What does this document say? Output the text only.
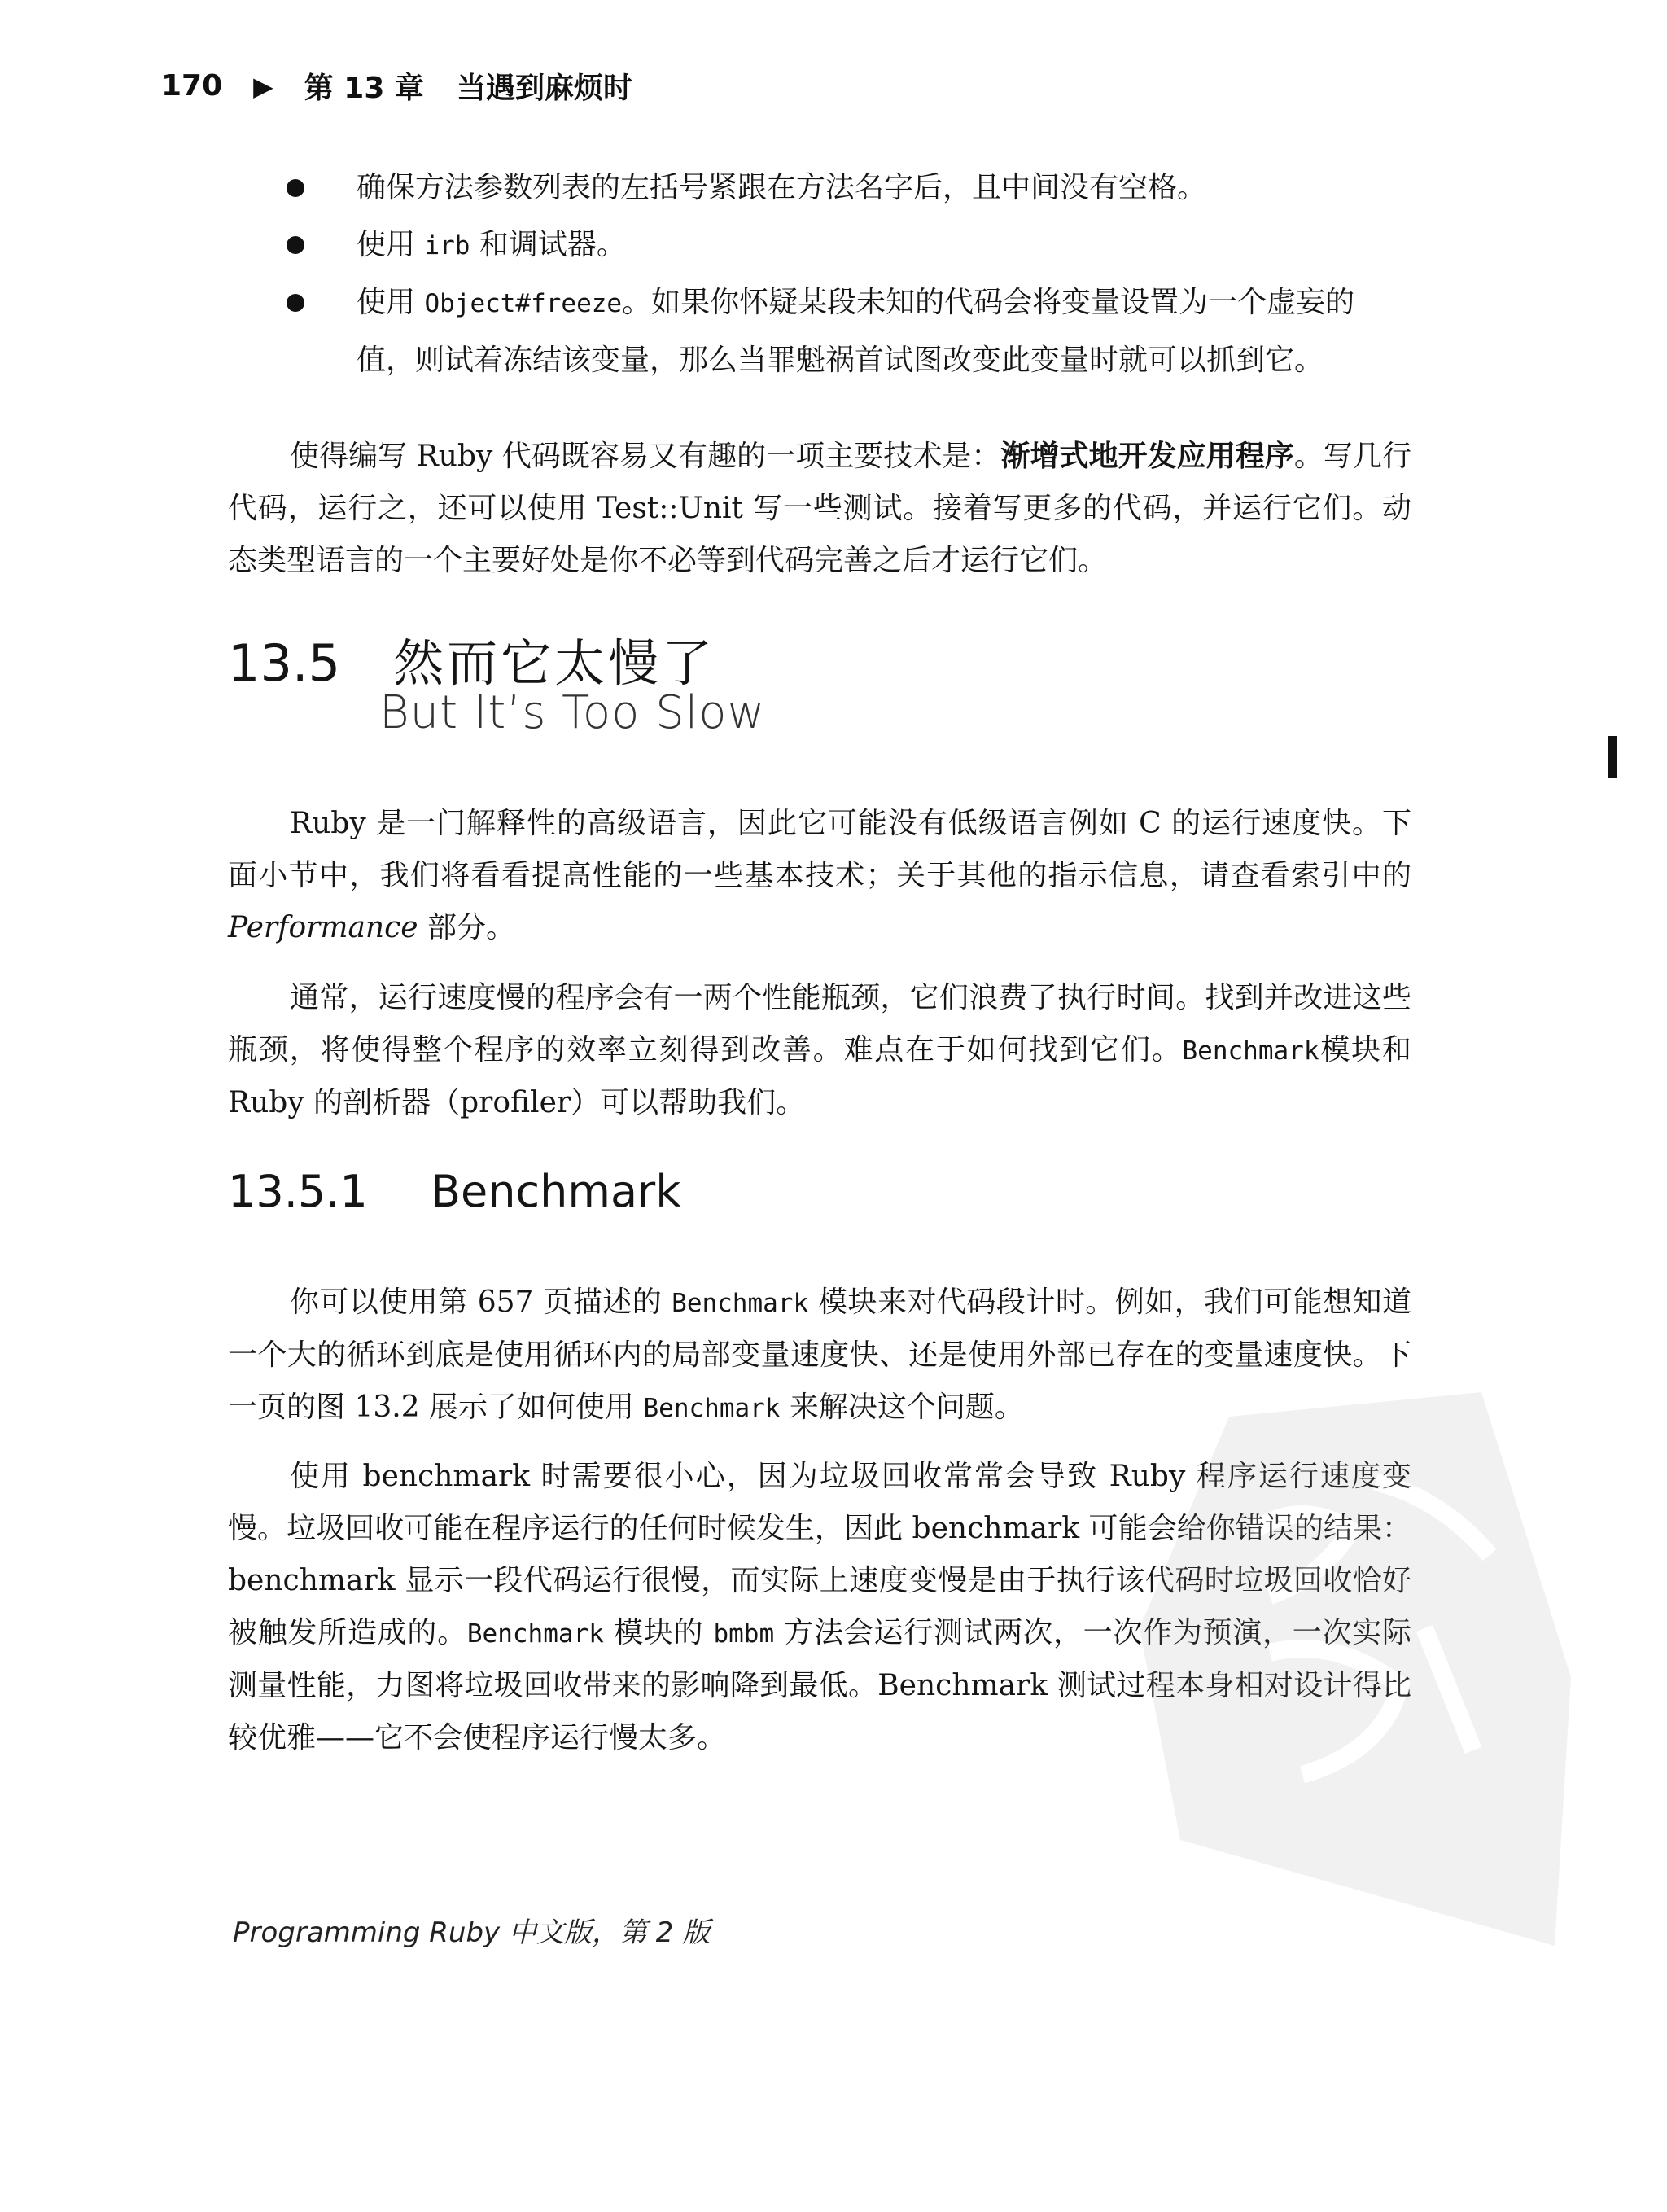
170 ▶ 第 13 章 当遇到麻烦时
确保方法参数列表的左括号紧跟在方法名字后，且中间没有空格。
使用 irb 和调试器。
使用 Object#freeze。如果你怀疑某段未知的代码会将变量设置为一个虚妄的值，则试着冻结该变量，那么当罪魁祸首试图改变此变量时就可以抓到它。

使得编写 Ruby 代码既容易又有趣的一项主要技术是：渐增式地开发应用程序。写几行代码，运行之，还可以使用 Test::Unit 写一些测试。接着写更多的代码，并运行它们。动态类型语言的一个主要好处是你不必等到代码完善之后才运行它们。

13.5 然而它太慢了
But It’s Too Slow

Ruby 是一门解释性的高级语言，因此它可能没有低级语言例如 C 的运行速度快。下面小节中，我们将看看提高性能的一些基本技术；关于其他的指示信息，请查看索引中的 Performance 部分。

通常，运行速度慢的程序会有一两个性能瓶颈，它们浪费了执行时间。找到并改进这些瓶颈，将使得整个程序的效率立刻得到改善。难点在于如何找到它们。Benchmark模块和 Ruby 的剖析器（profiler）可以帮助我们。

13.5.1 Benchmark

你可以使用第 657 页描述的 Benchmark 模块来对代码段计时。例如，我们可能想知道一个大的循环到底是使用循环内的局部变量速度快、还是使用外部已存在的变量速度快。下一页的图 13.2 展示了如何使用 Benchmark 来解决这个问题。

使用 benchmark 时需要很小心，因为垃圾回收常常会导致 Ruby 程序运行速度变慢。垃圾回收可能在程序运行的任何时候发生，因此 benchmark 可能会给你错误的结果：benchmark 显示一段代码运行很慢，而实际上速度变慢是由于执行该代码时垃圾回收恰好被触发所造成的。Benchmark 模块的 bmbm 方法会运行测试两次，一次作为预演，一次实际测量性能，力图将垃圾回收带来的影响降到最低。Benchmark 测试过程本身相对设计得比较优雅——它不会使程序运行慢太多。

Programming Ruby 中文版，第 2 版
